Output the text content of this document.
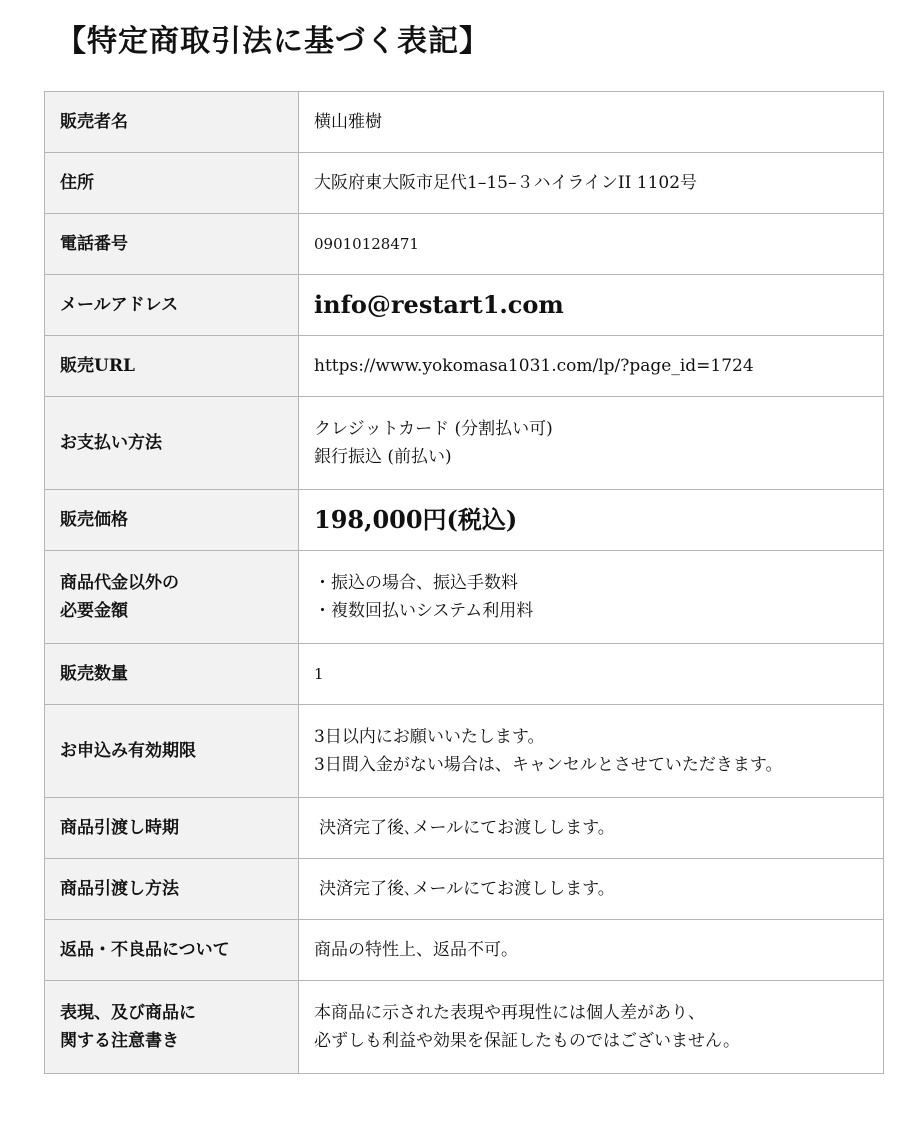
【特定商取引法に基づく表記】
販売者名	横山雅樹

住所	大阪府東大阪市足代1–15–３ハイラインII 1102号

電話番号	09010128471

メールアドレス	info@restart1.com

販売URL	https://www.yokomasa1031.com/lp/?page_id=1724

お支払い方法	クレジットカード (分割払い可)
銀行振込 (前払い)

販売価格	198,000円(税込)

商品代金以外の
必要金額	・振込の場合、振込手数料
・複数回払いシステム利用料

販売数量	1

お申込み有効期限	3日以内にお願いいたします。
3日間入金がない場合は、キャンセルとさせていただきます。

商品引渡し時期	決済完了後､メールにてお渡しします。

商品引渡し方法	決済完了後､メールにてお渡しします。

返品・不良品について	商品の特性上、返品不可。

表現、及び商品に
関する注意書き	本商品に示された表現や再現性には個人差があり、
必ずしも利益や効果を保証したものではございません。
